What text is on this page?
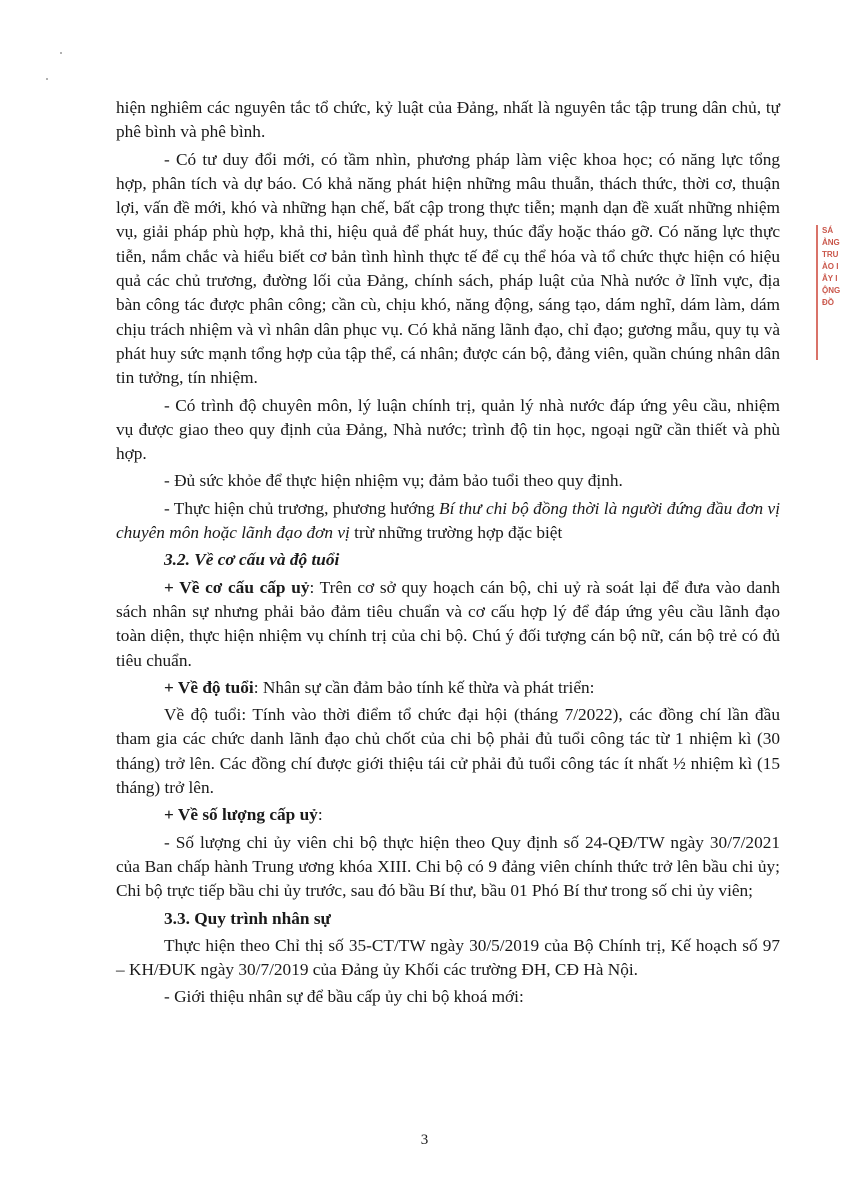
hiện nghiêm các nguyên tắc tổ chức, kỷ luật của Đảng, nhất là nguyên tắc tập trung dân chủ, tự phê bình và phê bình.

- Có tư duy đổi mới, có tầm nhìn, phương pháp làm việc khoa học; có năng lực tổng hợp, phân tích và dự báo. Có khả năng phát hiện những mâu thuẫn, thách thức, thời cơ, thuận lợi, vấn đề mới, khó và những hạn chế, bất cập trong thực tiễn; mạnh dạn đề xuất những nhiệm vụ, giải pháp phù hợp, khả thi, hiệu quả để phát huy, thúc đẩy hoặc tháo gỡ. Có năng lực thực tiễn, nắm chắc và hiểu biết cơ bản tình hình thực tế để cụ thể hóa và tổ chức thực hiện có hiệu quả các chủ trương, đường lối của Đảng, chính sách, pháp luật của Nhà nước ở lĩnh vực, địa bàn công tác được phân công; cần cù, chịu khó, năng động, sáng tạo, dám nghĩ, dám làm, dám chịu trách nhiệm và vì nhân dân phục vụ. Có khả năng lãnh đạo, chỉ đạo; gương mẫu, quy tụ và phát huy sức mạnh tổng hợp của tập thể, cá nhân; được cán bộ, đảng viên, quần chúng nhân dân tin tưởng, tín nhiệm.

- Có trình độ chuyên môn, lý luận chính trị, quản lý nhà nước đáp ứng yêu cầu, nhiệm vụ được giao theo quy định của Đảng, Nhà nước; trình độ tin học, ngoại ngữ cần thiết và phù hợp.

- Đủ sức khỏe để thực hiện nhiệm vụ; đảm bảo tuổi theo quy định.

- Thực hiện chủ trương, phương hướng Bí thư chi bộ đồng thời là người đứng đầu đơn vị chuyên môn hoặc lãnh đạo đơn vị trừ những trường hợp đặc biệt

3.2. Về cơ cấu và độ tuổi

+ Về cơ cấu cấp uỷ: Trên cơ sở quy hoạch cán bộ, chi uỷ rà soát lại để đưa vào danh sách nhân sự nhưng phải bảo đảm tiêu chuẩn và cơ cấu hợp lý để đáp ứng yêu cầu lãnh đạo toàn diện, thực hiện nhiệm vụ chính trị của chi bộ. Chú ý đối tượng cán bộ nữ, cán bộ trẻ có đủ tiêu chuẩn.

+ Về độ tuổi: Nhân sự cần đảm bảo tính kế thừa và phát triển:

Về độ tuổi: Tính vào thời điểm tổ chức đại hội (tháng 7/2022), các đồng chí lần đầu tham gia các chức danh lãnh đạo chủ chốt của chi bộ phải đủ tuổi công tác từ 1 nhiệm kì (30 tháng) trở lên. Các đồng chí được giới thiệu tái cử phải đủ tuổi công tác ít nhất ½ nhiệm kì (15 tháng) trở lên.

+ Về số lượng cấp uỷ:

- Số lượng chi ủy viên chi bộ thực hiện theo Quy định số 24-QĐ/TW ngày 30/7/2021 của Ban chấp hành Trung ương khóa XIII. Chi bộ có 9 đảng viên chính thức trở lên bầu chi ủy; Chi bộ trực tiếp bầu chi ủy trước, sau đó bầu Bí thư, bầu 01 Phó Bí thư trong số chi ủy viên;

3.3. Quy trình nhân sự

Thực hiện theo Chỉ thị số 35-CT/TW ngày 30/5/2019 của Bộ Chính trị, Kế hoạch số 97 – KH/ĐUK ngày 30/7/2019 của Đảng ủy Khối các trường ĐH, CĐ Hà Nội.

- Giới thiệu nhân sự để bầu cấp ủy chi bộ khoá mới:

SÁ
ẢNG
TRU
ÀO I
ÂY I
ỘNG
ĐỒ
3
